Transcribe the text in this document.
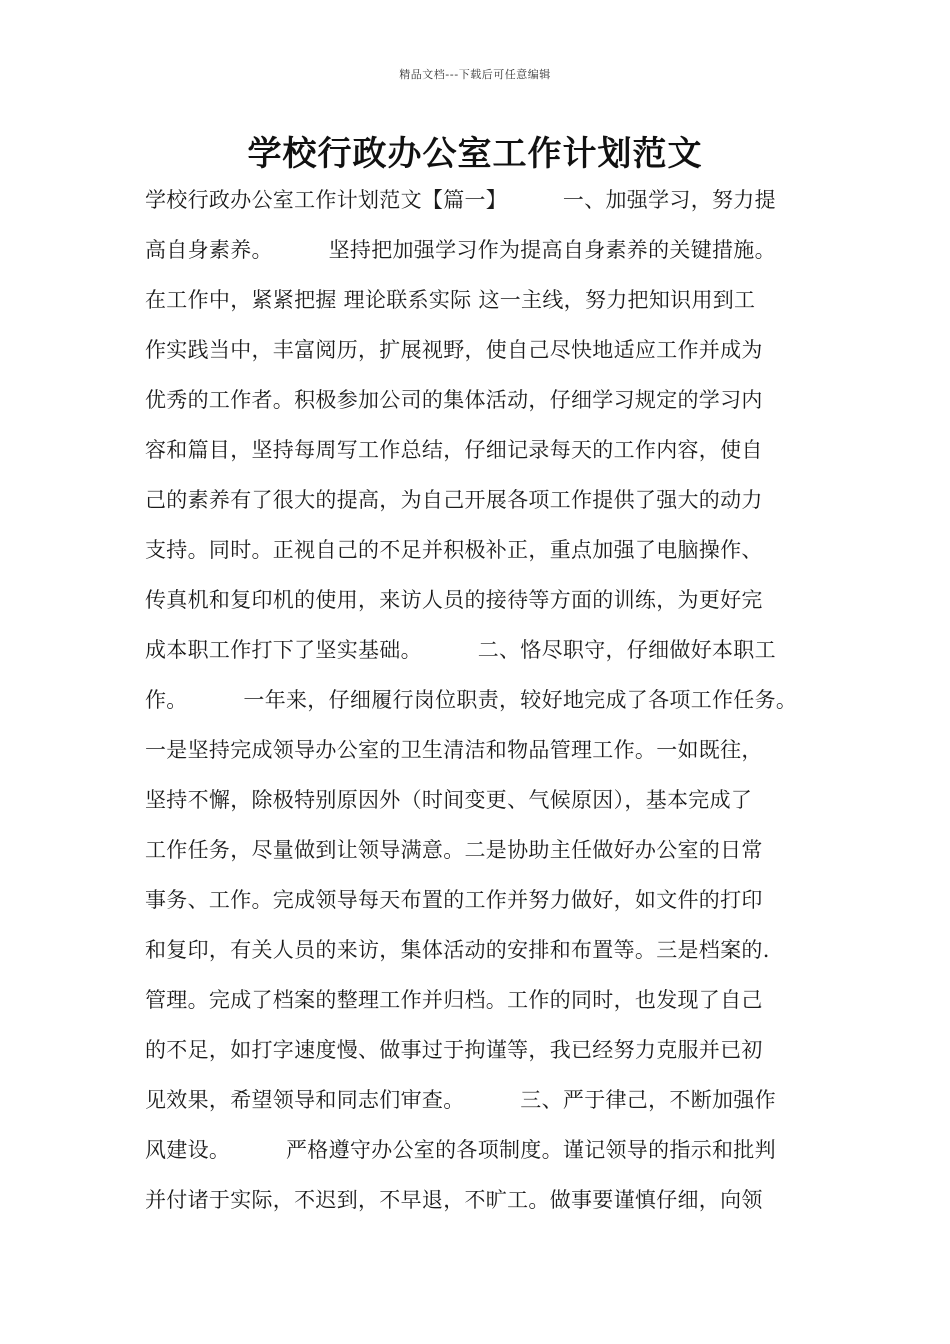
精品文档---下载后可任意编辑
学校行政办公室工作计划范文
学校行政办公室工作计划范文【篇一】        一、加强学习，努力提
高自身素养。        坚持把加强学习作为提高自身素养的关键措施。
在工作中，紧紧把握 理论联系实际 这一主线，努力把知识用到工
作实践当中，丰富阅历，扩展视野，使自己尽快地适应工作并成为
优秀的工作者。积极参加公司的集体活动，仔细学习规定的学习内
容和篇目，坚持每周写工作总结，仔细记录每天的工作内容，使自
己的素养有了很大的提高，为自己开展各项工作提供了强大的动力
支持。同时。正视自己的不足并积极补正，重点加强了电脑操作、
传真机和复印机的使用，来访人员的接待等方面的训练，为更好完
成本职工作打下了坚实基础。        二、恪尽职守，仔细做好本职工
作。        一年来，仔细履行岗位职责，较好地完成了各项工作任务。
一是坚持完成领导办公室的卫生清洁和物品管理工作。一如既往，
坚持不懈，除极特别原因外（时间变更、气候原因），基本完成了
工作任务，尽量做到让领导满意。二是协助主任做好办公室的日常
事务、工作。完成领导每天布置的工作并努力做好，如文件的打印
和复印，有关人员的来访，集体活动的安排和布置等。三是档案的.
管理。完成了档案的整理工作并归档。工作的同时，也发现了自己
的不足，如打字速度慢、做事过于拘谨等，我已经努力克服并已初
见效果，希望领导和同志们审查。        三、严于律己，不断加强作
风建设。        严格遵守办公室的各项制度。谨记领导的指示和批判
并付诸于实际，不迟到，不早退，不旷工。做事要谨慎仔细，向领
